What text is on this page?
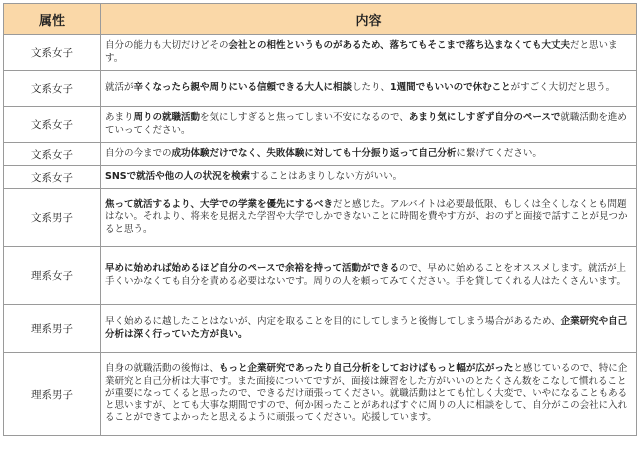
属性	内容
文系女子	自分の能力も大切だけどその会社との相性というものがあるため、落ちてもそこまで落ち込まなくても大丈夫だと思います。
文系女子	就活が辛くなったら親や周りにいる信頼できる大人に相談したり、1週間でもいいので休むことがすごく大切だと思う。
文系女子	あまり周りの就職活動を気にしすぎると焦ってしまい不安になるので、あまり気にしすぎず自分のペースで就職活動を進めていってください。
文系女子	自分の今までの成功体験だけでなく、失敗体験に対しても十分振り返って自己分析に繋げてください。
文系女子	SNSで就活や他の人の状況を検索することはあまりしない方がいい。
文系男子	焦って就活するより、大学での学業を優先にするべきだと感じた。アルバイトは必要最低限、もしくは全くしなくとも問題はない。それより、将来を見据えた学習や大学でしかできないことに時間を費やす方が、おのずと面接で話すことが見つかると思う。
理系女子	早めに始めれば始めるほど自分のペースで余裕を持って活動ができるので、早めに始めることをオススメします。就活が上手くいかなくても自分を責める必要はないです。周りの人を頼ってみてください。手を貸してくれる人はたくさんいます。
理系男子	早く始めるに越したことはないが、内定を取ることを目的にしてしまうと後悔してしまう場合があるため、企業研究や自己分析は深く行っていた方が良い。
理系男子	自身の就職活動の後悔は、もっと企業研究であったり自己分析をしておけばもっと幅が広がったと感じているので、特に企業研究と自己分析は大事です。また面接についてですが、面接は練習をした方がいいのとたくさん数をこなして慣れることが重要になってくると思ったので、できるだけ頑張ってください。就職活動はとても忙しく大変で、いやになることもあると思いますが、とても大事な期間ですので、何か困ったことがあればすぐに周りの人に相談をして、自分がこの会社に入れることができてよかったと思えるように頑張ってください。応援しています。
